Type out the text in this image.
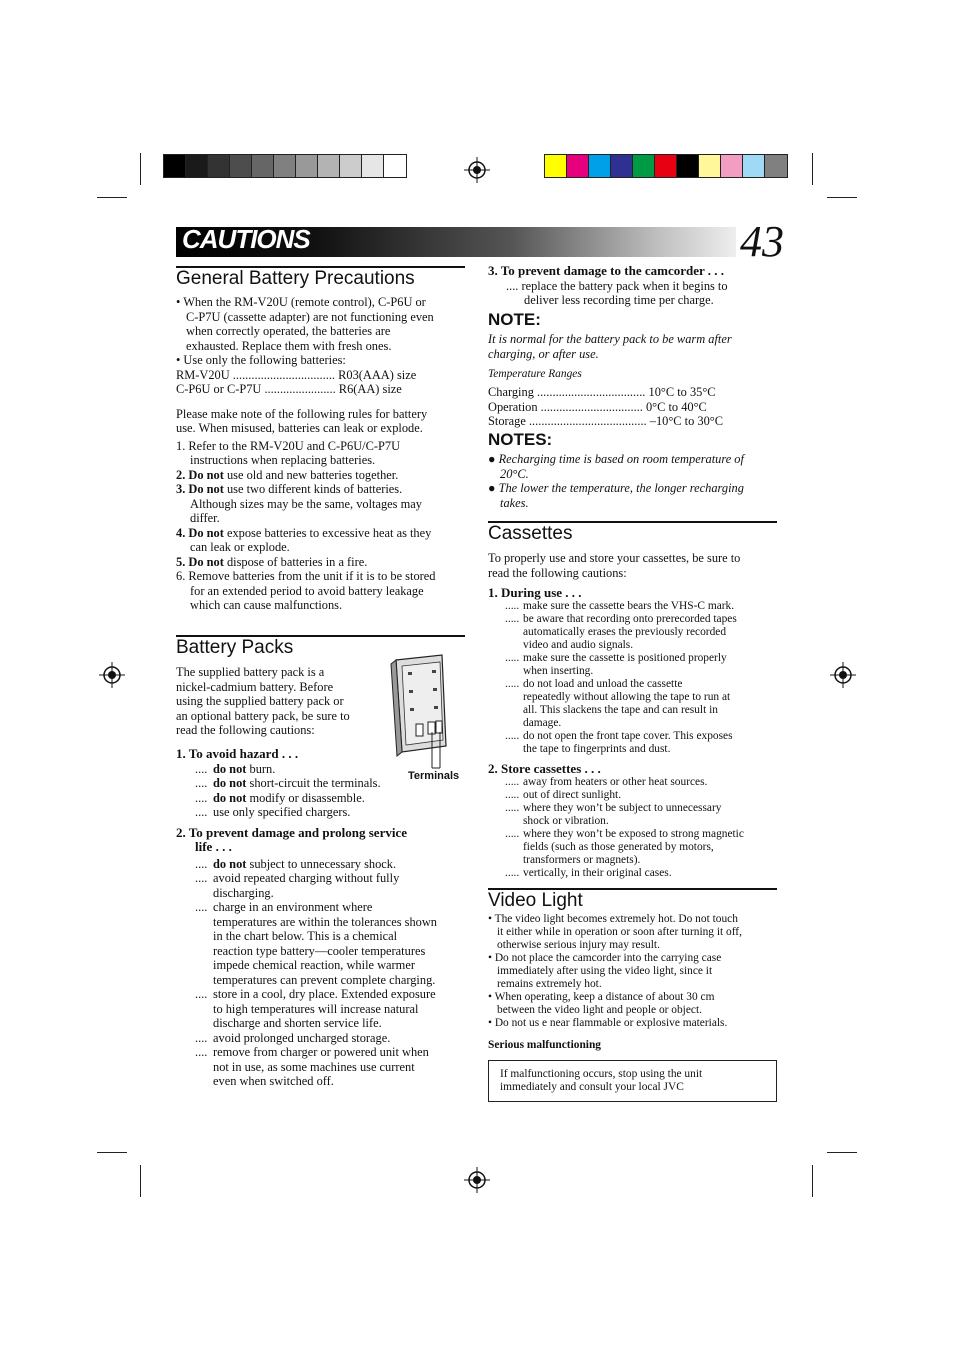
CAUTIONS	43
General Battery Precautions
• When the RM-V20U (remote control), C-P6U or
C-P7U (cassette adapter) are not functioning even
when correctly operated, the batteries are
exhausted. Replace them with fresh ones.
• Use only the following batteries:
RM-V20U ................................. R03(AAA) size
C-P6U or C-P7U ....................... R6(AA) size
Please make note of the following rules for battery
use. When misused, batteries can leak or explode.
1. Refer to the RM-V20U and C-P6U/C-P7U
instructions when replacing batteries.
2. Do not use old and new batteries together.
3. Do not use two different kinds of batteries.
Although sizes may be the same, voltages may
differ.
4. Do not expose batteries to excessive heat as they
can leak or explode.
5. Do not dispose of batteries in a fire.
6. Remove batteries from the unit if it is to be stored
for an extended period to avoid battery leakage
which can cause malfunctions.
Battery Packs
The supplied battery pack is a
nickel-cadmium battery. Before
using the supplied battery pack or
an optional battery pack, be sure to
read the following cautions:
Terminals
1. To avoid hazard . . .
.... do not burn.
.... do not short-circuit the terminals.
.... do not modify or disassemble.
.... use only specified chargers.
2. To prevent damage and prolong service
life . . .
.... do not subject to unnecessary shock.
.... avoid repeated charging without fully
discharging.
.... charge in an environment where
temperatures are within the tolerances shown
in the chart below. This is a chemical
reaction type battery—cooler temperatures
impede chemical reaction, while warmer
temperatures can prevent complete charging.
.... store in a cool, dry place. Extended exposure
to high temperatures will increase natural
discharge and shorten service life.
.... avoid prolonged uncharged storage.
.... remove from charger or powered unit when
not in use, as some machines use current
even when switched off.
3. To prevent damage to the camcorder . . .
.... replace the battery pack when it begins to
deliver less recording time per charge.
NOTE:
It is normal for the battery pack to be warm after
charging, or after use.
Temperature Ranges
Charging ................................... 10°C to 35°C
Operation ................................. 0°C to 40°C
Storage ...................................... –10°C to 30°C
NOTES:
● Recharging time is based on room temperature of
20°C.
● The lower the temperature, the longer recharging
takes.
Cassettes
To properly use and store your cassettes, be sure to
read the following cautions:
1. During use . . .
..... make sure the cassette bears the VHS-C mark.
..... be aware that recording onto prerecorded tapes
automatically erases the previously recorded
video and audio signals.
..... make sure the cassette is positioned properly
when inserting.
..... do not load and unload the cassette
repeatedly without allowing the tape to run at
all. This slackens the tape and can result in
damage.
..... do not open the front tape cover. This exposes
the tape to fingerprints and dust.
2. Store cassettes . . .
..... away from heaters or other heat sources.
..... out of direct sunlight.
..... where they won’t be subject to unnecessary
shock or vibration.
..... where they won’t be exposed to strong magnetic
fields (such as those generated by motors,
transformers or magnets).
..... vertically, in their original cases.
Video Light
• The video light becomes extremely hot. Do not touch
it either while in operation or soon after turning it off,
otherwise serious injury may result.
• Do not place the camcorder into the carrying case
immediately after using the video light, since it
remains extremely hot.
• When operating, keep a distance of about 30 cm
between the video light and people or object.
• Do not us e near flammable or explosive materials.
Serious malfunctioning
If malfunctioning occurs, stop using the unit
immediately and consult your local JVC
